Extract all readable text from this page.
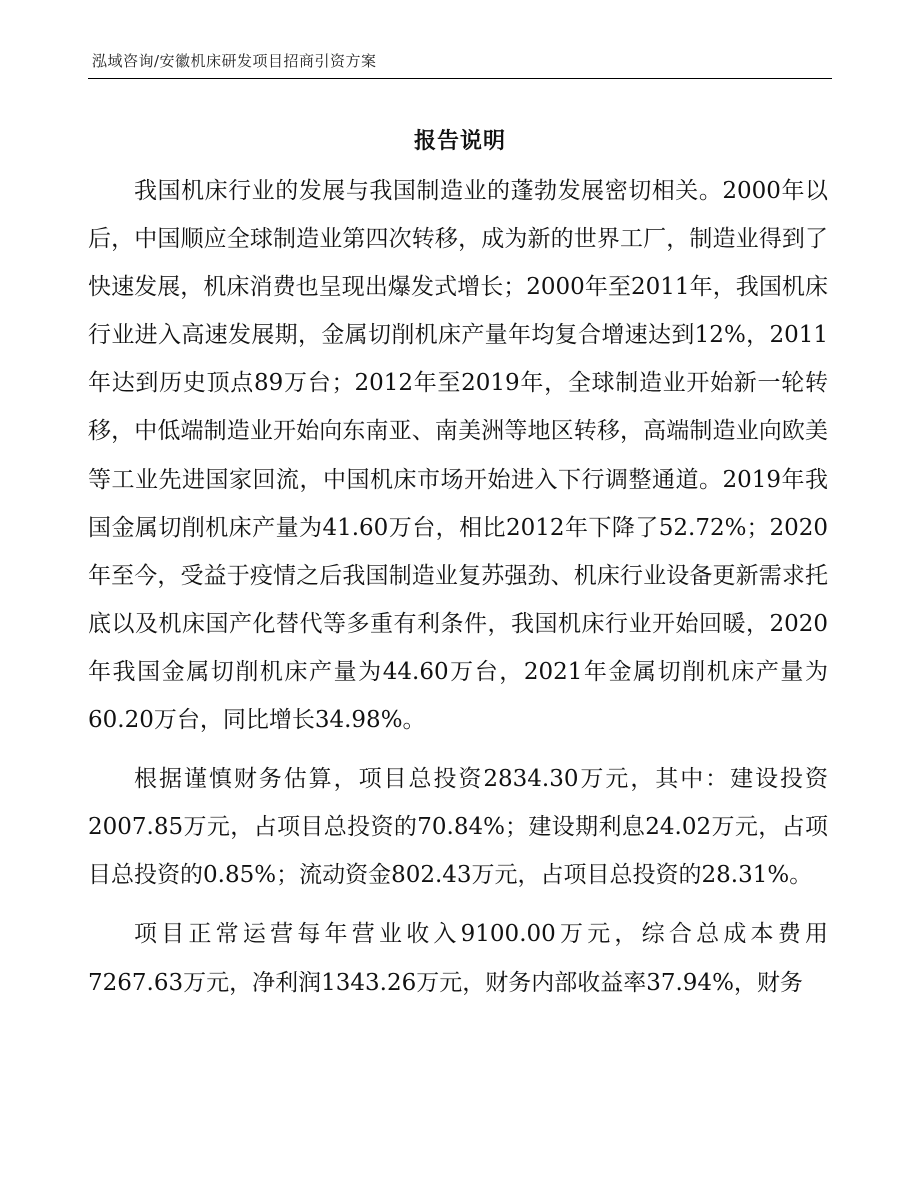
泓域咨询/安徽机床研发项目招商引资方案
报告说明

我国机床行业的发展与我国制造业的蓬勃发展密切相关。2000年以后，中国顺应全球制造业第四次转移，成为新的世界工厂，制造业得到了快速发展，机床消费也呈现出爆发式增长；2000年至2011年，我国机床行业进入高速发展期，金属切削机床产量年均复合增速达到12%，2011年达到历史顶点89万台；2012年至2019年，全球制造业开始新一轮转移，中低端制造业开始向东南亚、南美洲等地区转移，高端制造业向欧美等工业先进国家回流，中国机床市场开始进入下行调整通道。2019年我国金属切削机床产量为41.60万台，相比2012年下降了52.72%；2020年至今，受益于疫情之后我国制造业复苏强劲、机床行业设备更新需求托底以及机床国产化替代等多重有利条件，我国机床行业开始回暖，2020年我国金属切削机床产量为44.60万台，2021年金属切削机床产量为60.20万台，同比增长34.98%。

根据谨慎财务估算，项目总投资2834.30万元，其中：建设投资2007.85万元，占项目总投资的70.84%；建设期利息24.02万元，占项目总投资的0.85%；流动资金802.43万元，占项目总投资的28.31%。

项目正常运营每年营业收入9100.00万元，综合总成本费用7267.63万元，净利润1343.26万元，财务内部收益率37.94%，财务
